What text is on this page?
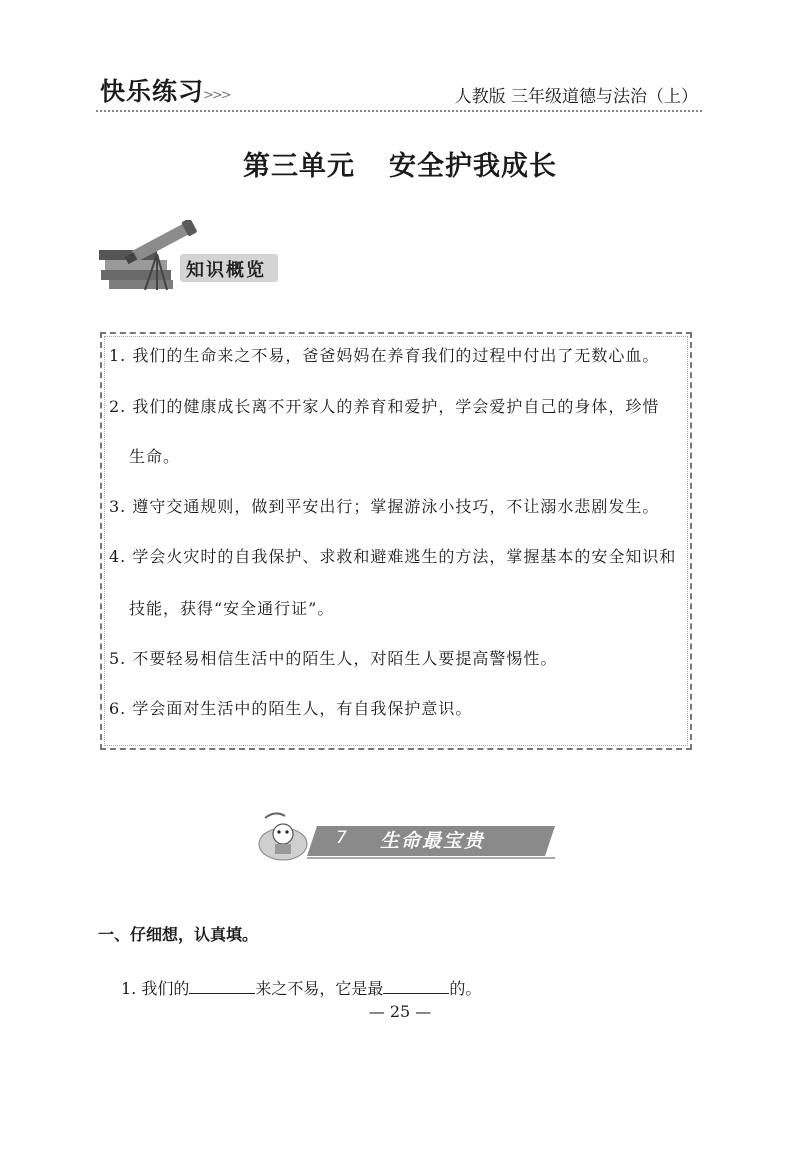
快乐练习
>>>	人教版 三年级道德与法治（上）
第三单元 安全护我成长
知识概览
1. 我们的生命来之不易，爸爸妈妈在养育我们的过程中付出了无数心血。
2. 我们的健康成长离不开家人的养育和爱护，学会爱护自己的身体，珍惜
生命。
3. 遵守交通规则，做到平安出行；掌握游泳小技巧，不让溺水悲剧发生。
4. 学会火灾时的自我保护、求救和避难逃生的方法，掌握基本的安全知识和
技能，获得“安全通行证”。
5. 不要轻易相信生活中的陌生人，对陌生人要提高警惕性。
6. 学会面对生活中的陌生人，有自我保护意识。
7 生命最宝贵
一、仔细想，认真填。
1. 我们的	来之不易，它是最	的。
— 25 —
